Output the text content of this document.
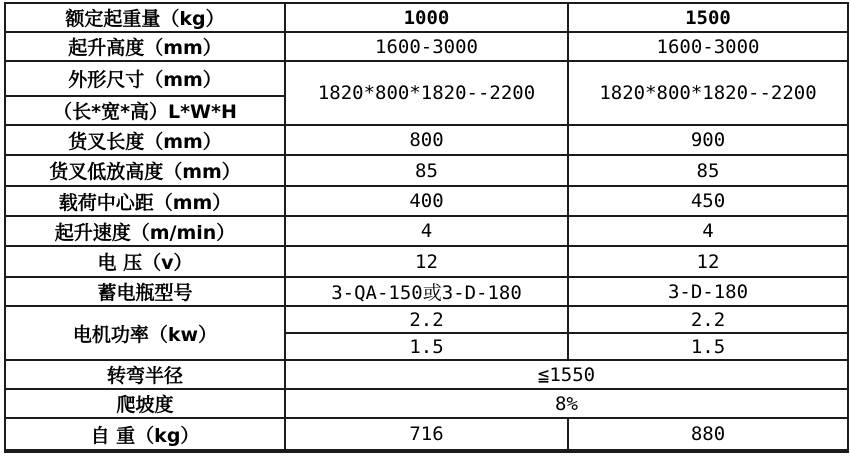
额定起重量（kg）	1000	1500
起升高度（mm）	1600-3000	1600-3000
外形尺寸（mm）	1820*800*1820--2200	1820*800*1820--2200
（长*宽*高）L*W*H		
货叉长度（mm）	800	900
货叉低放高度（mm）	85	85
载荷中心距（mm）	400	450
起升速度（m/min）	4	4
电 压（v）	12	12
蓄电瓶型号	3-QA-150或3-D-180	3-D-180
电机功率（kw）	2.2	2.2
	1.5	1.5
转弯半径	≦1550	
爬坡度	8%	
自 重（kg）	716	880
